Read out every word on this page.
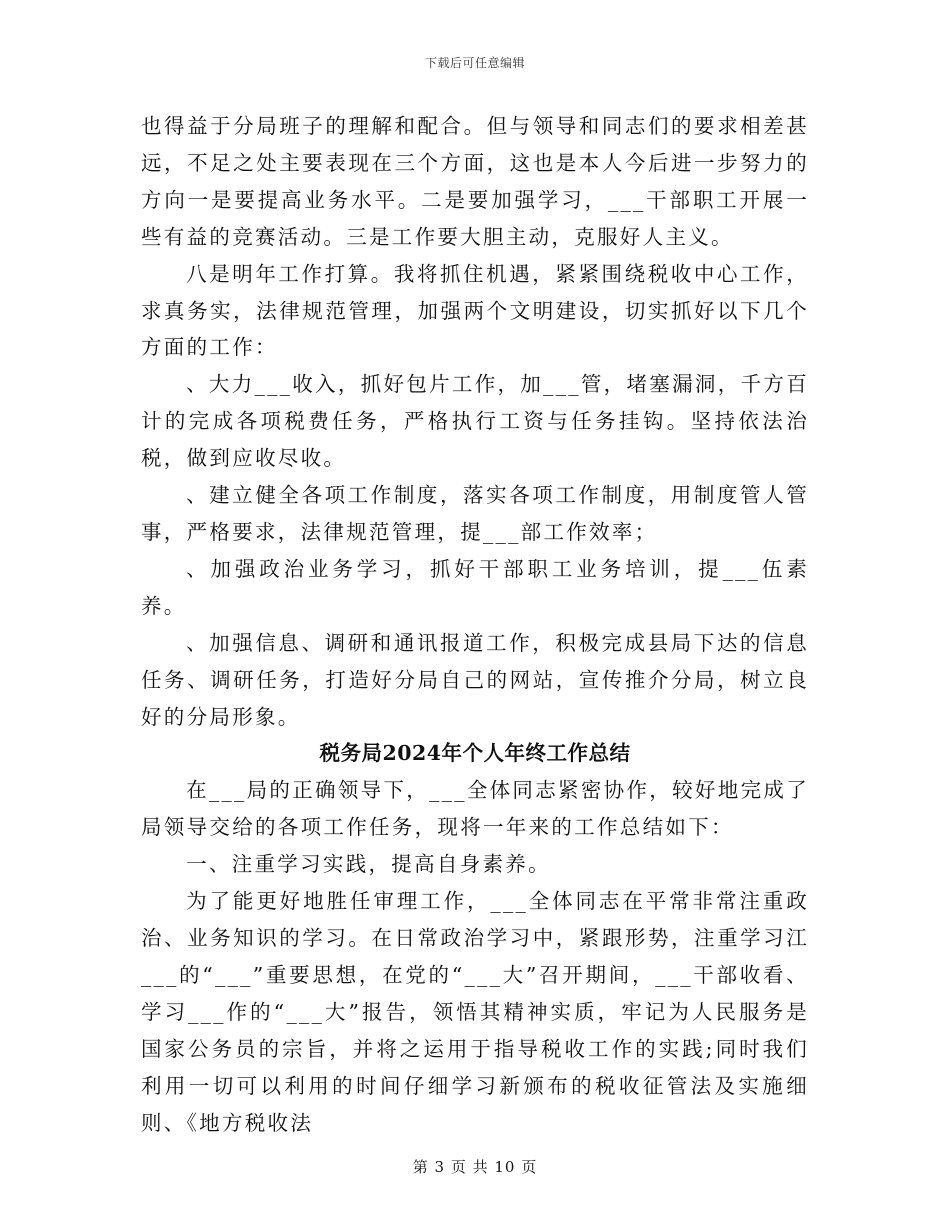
下载后可任意编辑

也得益于分局班子的理解和配合。但与领导和同志们的要求相差甚远，不足之处主要表现在三个方面，这也是本人今后进一步努力的方向一是要提高业务水平。二是要加强学习，___干部职工开展一些有益的竞赛活动。三是工作要大胆主动，克服好人主义。

八是明年工作打算。我将抓住机遇，紧紧围绕税收中心工作，求真务实，法律规范管理，加强两个文明建设，切实抓好以下几个方面的工作：

、大力___收入，抓好包片工作，加___管，堵塞漏洞，千方百计的完成各项税费任务，严格执行工资与任务挂钩。坚持依法治税，做到应收尽收。

、建立健全各项工作制度，落实各项工作制度，用制度管人管事，严格要求，法律规范管理，提___部工作效率；

、加强政治业务学习，抓好干部职工业务培训，提___伍素养。

、加强信息、调研和通讯报道工作，积极完成县局下达的信息任务、调研任务，打造好分局自己的网站，宣传推介分局，树立良好的分局形象。

税务局2024年个人年终工作总结

在___局的正确领导下，___全体同志紧密协作，较好地完成了局领导交给的各项工作任务，现将一年来的工作总结如下：

一、注重学习实践，提高自身素养。

为了能更好地胜任审理工作，___全体同志在平常非常注重政治、业务知识的学习。在日常政治学习中，紧跟形势，注重学习江___的“___”重要思想，在党的“___大”召开期间，___干部收看、学习___作的“___大”报告，领悟其精神实质，牢记为人民服务是国家公务员的宗旨，并将之运用于指导税收工作的实践;同时我们利用一切可以利用的时间仔细学习新颁布的税收征管法及实施细则、《地方税收法

第 3 页 共 10 页
